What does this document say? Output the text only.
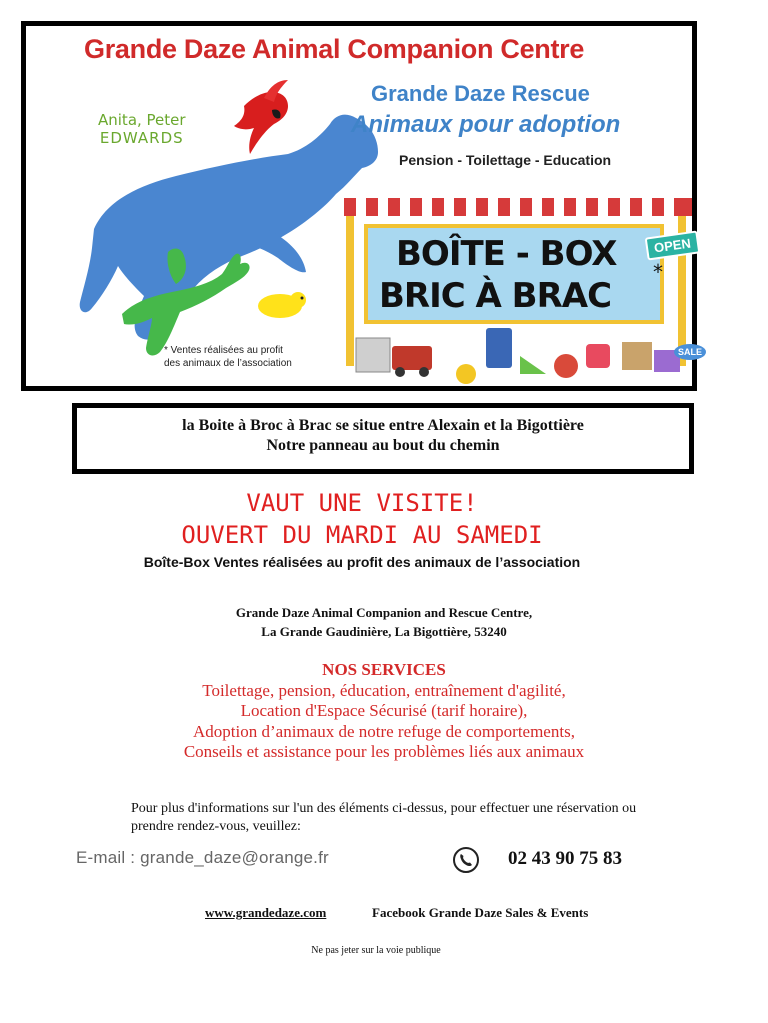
Grande Daze Animal Companion Centre
Anita, Peter
EDWARDS
Grande Daze Rescue
Animaux pour adoption
Pension - Toilettage - Education
BOÎTE - BOX
BRIC À BRAC
*
OPEN
SALE
* Ventes réalisées au profit
des animaux de l’association
la Boite à Broc à Brac se situe entre Alexain et la Bigottière
Notre panneau au bout du chemin
VAUT UNE VISITE!
OUVERT DU MARDI AU SAMEDI
Boîte-Box Ventes réalisées au profit des animaux de l’association
Grande Daze Animal Companion and Rescue Centre,
La Grande Gaudinière, La Bigottière, 53240
NOS SERVICES
Toilettage, pension, éducation, entraînement d'agilité,
Location d'Espace Sécurisé (tarif horaire),
Adoption d’animaux de notre refuge de comportements,
Conseils et assistance pour les problèmes liés aux animaux
Pour plus d'informations sur l'un des éléments ci-dessus, pour effectuer une réservation ou prendre rendez-vous, veuillez:
E-mail : grande_daze@orange.fr	02 43 90 75 83
www.grandedaze.com	Facebook Grande Daze Sales & Events
Ne pas jeter sur la voie publique
